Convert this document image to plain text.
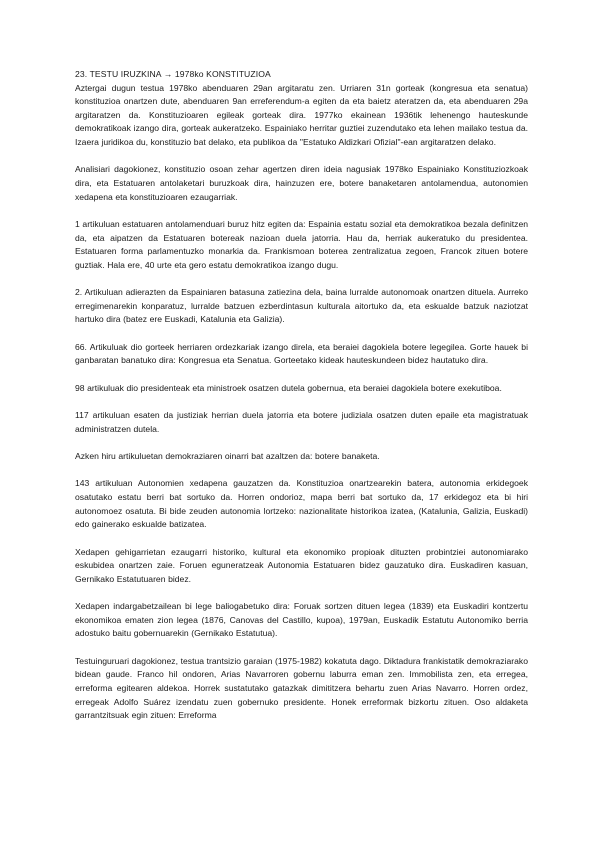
23. TESTU IRUZKINA → 1978ko KONSTITUZIOA

Aztergai dugun testua 1978ko abenduaren 29an argitaratu zen. Urriaren 31n gorteak (kongresua eta senatua) konstituzioa onartzen dute, abenduaren 9an erreferendum-a egiten da eta baietz ateratzen da, eta abenduaren 29a argitaratzen da. Konstituzioaren egileak gorteak dira. 1977ko ekainean 1936tik lehenengo hauteskunde demokratikoak izango dira, gorteak aukeratzeko. Espainiako herritar guztiei zuzendutako eta lehen mailako testua da. Izaera juridikoa du, konstituzio bat delako, eta publikoa da "Estatuko Aldizkari Ofizial"-ean argitaratzen delako.

Analisiari dagokionez, konstituzio osoan zehar agertzen diren ideia nagusiak 1978ko Espainiako Konstituziozkoak dira, eta Estatuaren antolaketari buruzkoak dira, hainzuzen ere, botere banaketaren antolamendua, autonomien xedapena eta konstituzioaren ezaugarriak.

1 artikuluan estatuaren antolamenduari buruz hitz egiten da: Espainia estatu sozial eta demokratikoa bezala definitzen da, eta aipatzen da Estatuaren botereak nazioan duela jatorria. Hau da, herriak aukeratuko du presidentea. Estatuaren forma parlamentuzko monarkia da. Frankismoan boterea zentralizatua zegoen, Francok zituen botere guztiak. Hala ere, 40 urte eta gero estatu demokratikoa izango dugu.

2. Artikuluan adierazten da Espainiaren batasuna zatiezina dela, baina lurralde autonomoak onartzen dituela. Aurreko erregimenarekin konparatuz, lurralde batzuen ezberdintasun kulturala aitortuko da, eta eskualde batzuk naziotzat hartuko dira (batez ere Euskadi, Katalunia eta Galizia).

66. Artikuluak dio gorteek herriaren ordezkariak izango direla, eta beraiei dagokiela botere legegilea. Gorte hauek bi ganbaratan banatuko dira: Kongresua eta Senatua. Gorteetako kideak hauteskundeen bidez hautatuko dira.

98 artikuluak dio presidenteak eta ministroek osatzen dutela gobernua, eta beraiei dagokiela botere exekutiboa.

117 artikuluan esaten da justiziak herrian duela jatorria eta botere judiziala osatzen duten epaile eta magistratuak administratzen dutela.

Azken hiru artikuluetan demokraziaren oinarri bat azaltzen da: botere banaketa.

143 artikuluan Autonomien xedapena gauzatzen da. Konstituzioa onartzearekin batera, autonomia erkidegoek osatutako estatu berri bat sortuko da. Horren ondorioz, mapa berri bat sortuko da, 17 erkidegoz eta bi hiri autonomoez osatuta. Bi bide zeuden autonomia lortzeko: nazionalitate historikoa izatea, (Katalunia, Galizia, Euskadi) edo gainerako eskualde batizatea.

Xedapen gehigarrietan ezaugarri historiko, kultural eta ekonomiko propioak dituzten probintziei autonomiarako eskubidea onartzen zaie. Foruen eguneratzeak Autonomia Estatuaren bidez gauzatuko dira. Euskadiren kasuan, Gernikako Estatutuaren bidez.

Xedapen indargabetzailean bi lege baliogabetuko dira: Foruak sortzen dituen legea (1839) eta Euskadiri kontzertu ekonomikoa ematen zion legea (1876, Canovas del Castillo, kupoa), 1979an, Euskadik Estatutu Autonomiko berria adostuko baitu gobernuarekin (Gernikako Estatutua).

Testuinguruari dagokionez, testua trantsizio garaian (1975-1982) kokatuta dago. Diktadura frankistatik demokraziarako bidean gaude. Franco hil ondoren, Arias Navarroren gobernu laburra eman zen. Immobilista zen, eta erregea, erreforma egitearen aldekoa. Horrek sustatutako gatazkak dimititzera behartu zuen Arias Navarro. Horren ordez, erregeak Adolfo Suárez izendatu zuen gobernuko presidente. Honek erreformak bizkortu zituen. Oso aldaketa garrantzitsuak egin zituen: Erreforma
